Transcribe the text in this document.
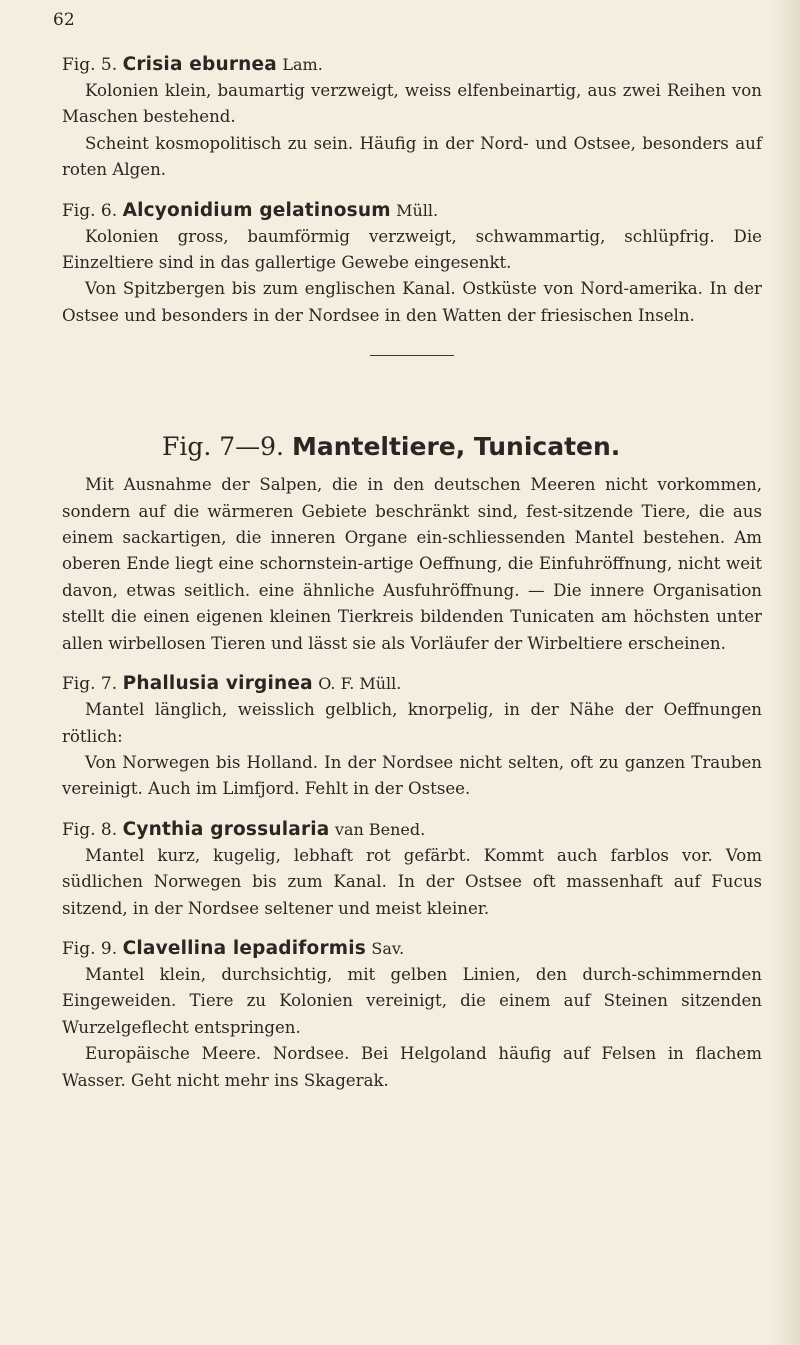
62
Fig. 5. Crisia eburnea Lam.

Kolonien klein, baumartig verzweigt, weiss elfenbeinartig, aus zwei Reihen von Maschen bestehend.

Scheint kosmopolitisch zu sein. Häufig in der Nord- und Ostsee, besonders auf roten Algen.

Fig. 6. Alcyonidium gelatinosum Müll.

Kolonien gross, baumförmig verzweigt, schwammartig, schlüpfrig. Die Einzeltiere sind in das gallertige Gewebe eingesenkt.

Von Spitzbergen bis zum englischen Kanal. Ostküste von Nord-amerika. In der Ostsee und besonders in der Nordsee in den Watten der friesischen Inseln.

Fig. 7—9. Manteltiere, Tunicaten.

Mit Ausnahme der Salpen, die in den deutschen Meeren nicht vorkommen, sondern auf die wärmeren Gebiete beschränkt sind, fest-sitzende Tiere, die aus einem sackartigen, die inneren Organe ein-schliessenden Mantel bestehen. Am oberen Ende liegt eine schornstein-artige Oeffnung, die Einfuhröffnung, nicht weit davon, etwas seitlich. eine ähnliche Ausfuhröffnung. — Die innere Organisation stellt die einen eigenen kleinen Tierkreis bildenden Tunicaten am höchsten unter allen wirbellosen Tieren und lässt sie als Vorläufer der Wirbeltiere erscheinen.

Fig. 7. Phallusia virginea O. F. Müll.

Mantel länglich, weisslich gelblich, knorpelig, in der Nähe der Oeffnungen rötlich:

Von Norwegen bis Holland. In der Nordsee nicht selten, oft zu ganzen Trauben vereinigt. Auch im Limfjord. Fehlt in der Ostsee.

Fig. 8. Cynthia grossularia van Bened.

Mantel kurz, kugelig, lebhaft rot gefärbt. Kommt auch farblos vor. Vom südlichen Norwegen bis zum Kanal. In der Ostsee oft massenhaft auf Fucus sitzend, in der Nordsee seltener und meist kleiner.

Fig. 9. Clavellina lepadiformis Sav.

Mantel klein, durchsichtig, mit gelben Linien, den durch-schimmernden Eingeweiden. Tiere zu Kolonien vereinigt, die einem auf Steinen sitzenden Wurzelgeflecht entspringen.

Europäische Meere. Nordsee. Bei Helgoland häufig auf Felsen in flachem Wasser. Geht nicht mehr ins Skagerak.
